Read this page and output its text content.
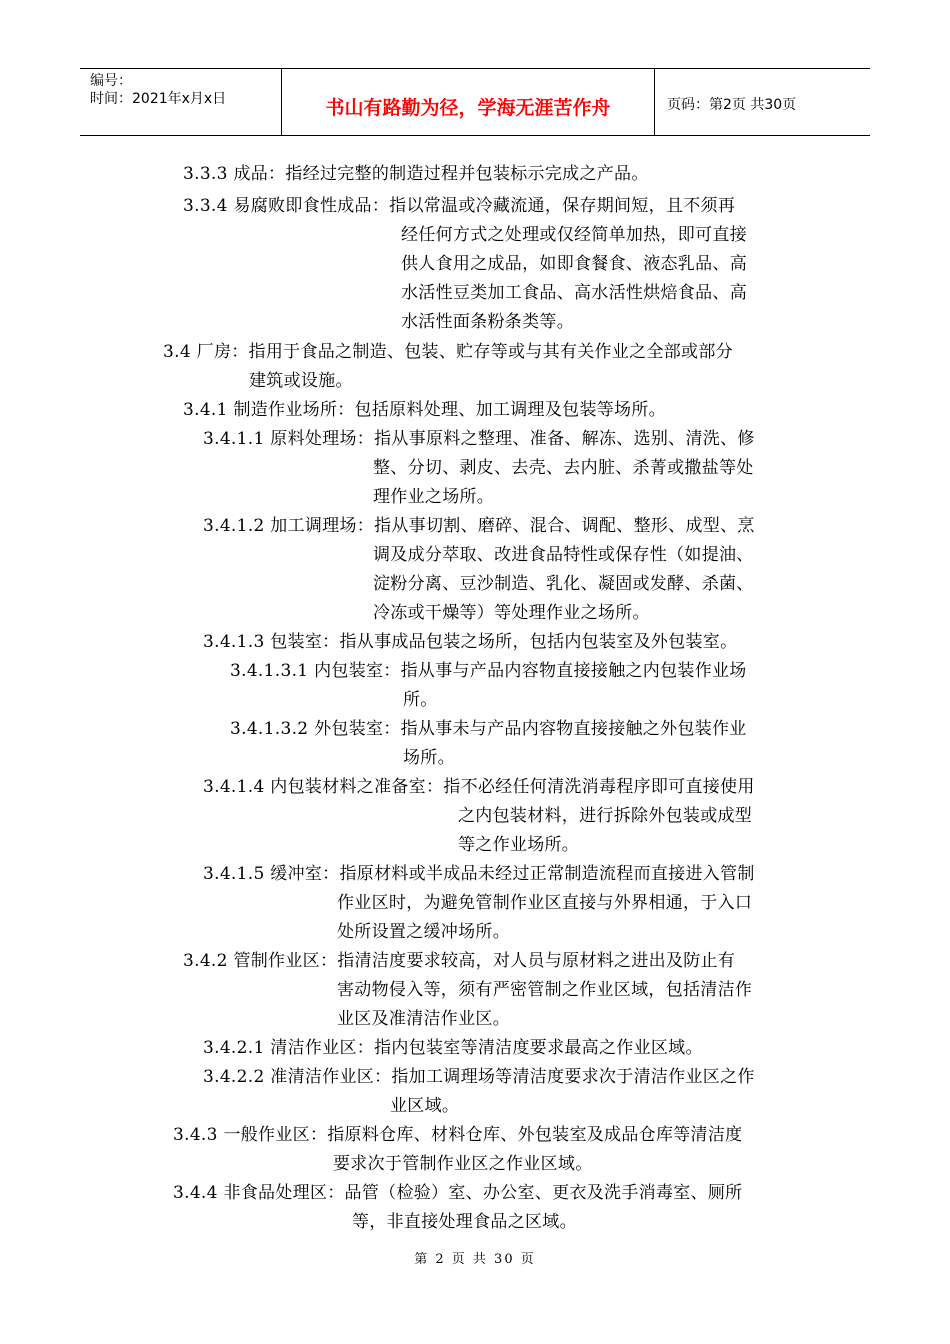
编号：
时间：2021年x月x日	书山有路勤为径，学海无涯苦作舟	页码：第2页 共30页
3.3.3 成品：指经过完整的制造过程并包装标示完成之产品。
3.3.4 易腐败即食性成品：指以常温或冷藏流通，保存期间短，且不须再
经任何方式之处理或仅经简单加热，即可直接
供人食用之成品，如即食餐食、液态乳品、高
水活性豆类加工食品、高水活性烘焙食品、高
水活性面条粉条类等。
3.4 厂房：指用于食品之制造、包装、贮存等或与其有关作业之全部或部分
建筑或设施。
3.4.1 制造作业场所：包括原料处理、加工调理及包装等场所。
3.4.1.1 原料处理场：指从事原料之整理、准备、解冻、选别、清洗、修
整、分切、剥皮、去壳、去内脏、杀菁或撒盐等处
理作业之场所。
3.4.1.2 加工调理场：指从事切割、磨碎、混合、调配、整形、成型、烹
调及成分萃取、改进食品特性或保存性（如提油、
淀粉分离、豆沙制造、乳化、凝固或发酵、杀菌、
冷冻或干燥等）等处理作业之场所。
3.4.1.3 包装室：指从事成品包装之场所，包括内包装室及外包装室。
3.4.1.3.1 内包装室：指从事与产品内容物直接接触之内包装作业场
所。
3.4.1.3.2 外包装室：指从事未与产品内容物直接接触之外包装作业
场所。
3.4.1.4 内包装材料之准备室：指不必经任何清洗消毒程序即可直接使用
之内包装材料，进行拆除外包装或成型
等之作业场所。
3.4.1.5 缓冲室：指原材料或半成品未经过正常制造流程而直接进入管制
作业区时，为避免管制作业区直接与外界相通，于入口
处所设置之缓冲场所。
3.4.2 管制作业区：指清洁度要求较高，对人员与原材料之进出及防止有
害动物侵入等，须有严密管制之作业区域，包括清洁作
业区及准清洁作业区。
3.4.2.1 清洁作业区：指内包装室等清洁度要求最高之作业区域。
3.4.2.2 准清洁作业区：指加工调理场等清洁度要求次于清洁作业区之作
业区域。
3.4.3 一般作业区：指原料仓库、材料仓库、外包装室及成品仓库等清洁度
要求次于管制作业区之作业区域。
3.4.4 非食品处理区：品管（检验）室、办公室、更衣及洗手消毒室、厕所
等，非直接处理食品之区域。
第 2 页 共 30 页
